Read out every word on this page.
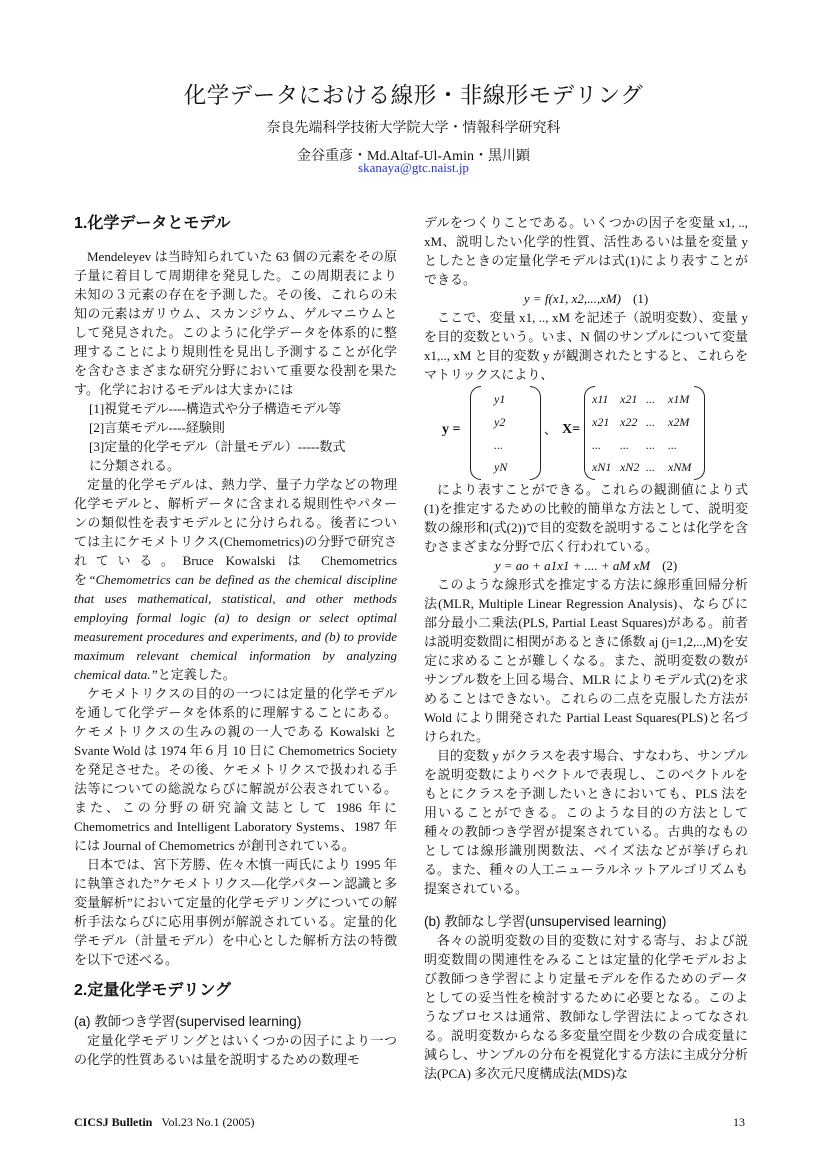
化学データにおける線形・非線形モデリング
奈良先端科学技術大学院大学・情報科学研究科
金谷重彦・Md.Altaf-Ul-Amin・黒川顕
skanaya@gtc.naist.jp

1.化学データとモデル

Mendeleyev は当時知られていた 63 個の元素をその原子量に着目して周期律を発見した。この周期表により未知の３元素の存在を予測した。その後、これらの未知の元素はガリウム、スカンジウム、ゲルマニウムとして発見された。このように化学データを体系的に整理することにより規則性を見出し予測することが化学を含むさまざまな研究分野において重要な役割を果たす。化学におけるモデルは大まかには

[1]視覚モデル----構造式や分子構造モデル等

[2]言葉モデル----経験則

[3]定量的化学モデル（計量モデル）-----数式

に分類される。

定量的化学モデルは、熱力学、量子力学などの物理化学モデルと、解析データに含まれる規則性やパターンの類似性を表すモデルとに分けられる。後者については主にケモメトリクス(Chemometrics)の分野で研究されている。Bruce Kowalski は Chemometrics を“Chemometrics can be defined as the chemical discipline that uses mathematical, statistical, and other methods employing formal logic (a) to design or select optimal measurement procedures and experiments, and (b) to provide maximum relevant chemical information by analyzing chemical data.”と定義した。

ケモメトリクスの目的の一つには定量的化学モデルを通して化学データを体系的に理解することにある。ケモメトリクスの生みの親の一人である Kowalski と Svante Wold は 1974 年６月 10 日に Chemometrics Society を発足させた。その後、ケモメトリクスで扱われる手法等についての総説ならびに解説が公表されている。また、この分野の研究論文誌として 1986 年に Chemometrics and Intelligent Laboratory Systems、1987 年には Journal of Chemometrics が創刊されている。

日本では、宮下芳勝、佐々木慎一両氏により 1995 年に執筆された”ケモメトリクス―化学パターン認識と多変量解析”において定量的化学モデリングについての解析手法ならびに応用事例が解説されている。定量的化学モデル（計量モデル）を中心とした解析方法の特徴を以下で述べる。

2.定量化学モデリング

(a) 教師つき学習(supervised learning)

定量化学モデリングとはいくつかの因子により一つの化学的性質あるいは量を説明するための数理モ

デルをつくりことである。いくつかの因子を変量 x1, .., xM、説明したい化学的性質、活性あるいは量を変量 y としたときの定量化学モデルは式(1)により表すことができる。

y = f(x1, x2,...,xM) (1)

ここで、変量 x1, .., xM を記述子（説明変数）、変量 y を目的変数という。いま、N 個のサンプルについて変量 x1,.., xM と目的変数 y が観測されたとすると、これらをマトリックスにより、

y =
y1
y2
...
yN
、 X=
x11 x21 ... x1M
x21 x22 ... x2M
... ... ... ...
xN1 xN2 ... xNM

により表すことができる。これらの観測値により式(1)を推定するための比較的簡単な方法として、説明変数の線形和(式(2))で目的変数を説明することは化学を含むさまざまな分野で広く行われている。

y = ao + a1x1 + .... + aM xM (2)

このような線形式を推定する方法に線形重回帰分析法(MLR, Multiple Linear Regression Analysis)、ならびに部分最小二乗法(PLS, Partial Least Squares)がある。前者は説明変数間に相関があるときに係数 aj (j=1,2,..,M)を安定に求めることが難しくなる。また、説明変数の数がサンプル数を上回る場合、MLR によりモデル式(2)を求めることはできない。これらの二点を克服した方法が Wold により開発された Partial Least Squares(PLS)と名づけられた。

目的変数 y がクラスを表す場合、すなわち、サンプルを説明変数によりベクトルで表現し、このベクトルをもとにクラスを予測したいときにおいても、PLS 法を用いることができる。このような目的の方法として種々の教師つき学習が提案されている。古典的なものとしては線形識別関数法、ベイズ法などが挙げられる。また、種々の人工ニューラルネットアルゴリズムも提案されている。

(b) 教師なし学習(unsupervised learning)

各々の説明変数の目的変数に対する寄与、および説明変数間の関連性をみることは定量的化学モデルおよび教師つき学習により定量モデルを作るためのデータとしての妥当性を検討するために必要となる。このようなプロセスは通常、教師なし学習法によってなされる。説明変数からなる多変量空間を少数の合成変量に減らし、サンプルの分布を視覚化する方法に主成分分析法(PCA) 多次元尺度構成法(MDS)な

CICSJ Bulletin Vol.23 No.1 (2005)	13
